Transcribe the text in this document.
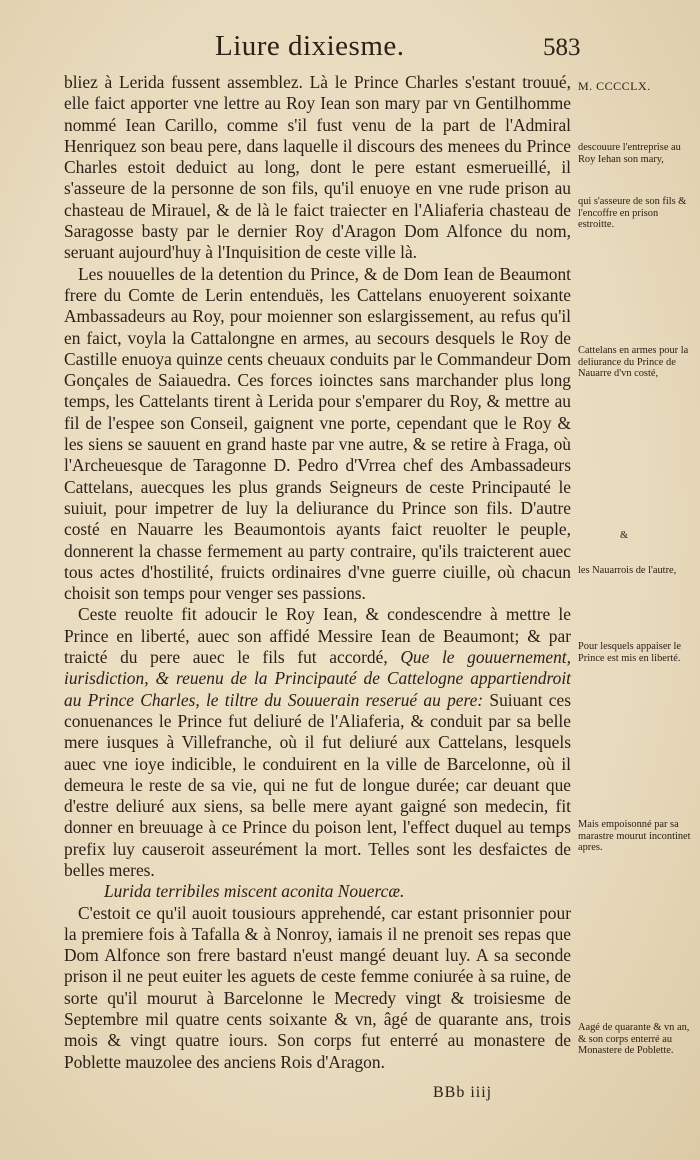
Liure dixiesme.	583

bliez à Lerida fussent assemblez. Là le Prince Charles s'estant trouué, elle faict apporter vne lettre au Roy Iean son mary par vn Gentilhomme nommé Iean Carillo, comme s'il fust venu de la part de l'Admiral Henriquez son beau pere, dans laquelle il discours des menees du Prince Charles estoit deduict au long, dont le pere estant esmerueillé, il s'asseure de la personne de son fils, qu'il enuoye en vne rude prison au chasteau de Mirauel, & de là le faict traiecter en l'Aliaferia chasteau de Saragosse basty par le dernier Roy d'Aragon Dom Alfonce du nom, seruant aujourd'huy à l'Inquisition de ceste ville là.

Les nouuelles de la detention du Prince, & de Dom Iean de Beaumont frere du Comte de Lerin entenduës, les Cattelans enuoyerent soixante Ambassadeurs au Roy, pour moienner son eslargissement, au refus qu'il en faict, voyla la Cattalongne en armes, au secours desquels le Roy de Castille enuoya quinze cents cheuaux conduits par le Commandeur Dom Gonçales de Saiauedra. Ces forces ioinctes sans marchander plus long temps, les Cattelants tirent à Lerida pour s'emparer du Roy, & mettre au fil de l'espee son Conseil, gaignent vne porte, cependant que le Roy & les siens se sauuent en grand haste par vne autre, & se retire à Fraga, où l'Archeuesque de Taragonne D. Pedro d'Vrrea chef des Ambassadeurs Cattelans, auecques les plus grands Seigneurs de ceste Principauté le suiuit, pour impetrer de luy la deliurance du Prince son fils. D'autre costé en Nauarre les Beaumontois ayants faict reuolter le peuple, donnerent la chasse fermement au party contraire, qu'ils traicterent auec tous actes d'hostilité, fruicts ordinaires d'vne guerre ciuille, où chacun choisit son temps pour venger ses passions.

Ceste reuolte fit adoucir le Roy Iean, & condescendre à mettre le Prince en liberté, auec son affidé Messire Iean de Beaumont; & par traicté du pere auec le fils fut accordé, Que le gouuernement, iurisdiction, & reuenu de la Principauté de Cattelogne appartiendroit au Prince Charles, le tiltre du Souuerain reserué au pere: Suiuant ces conuenances le Prince fut deliuré de l'Aliaferia, & conduit par sa belle mere iusques à Villefranche, où il fut deliuré aux Cattelans, lesquels auec vne ioye indicible, le conduirent en la ville de Barcelonne, où il demeura le reste de sa vie, qui ne fut de longue durée; car deuant que d'estre deliuré aux siens, sa belle mere ayant gaigné son medecin, fit donner en breuuage à ce Prince du poison lent, l'effect duquel au temps prefix luy causeroit asseurément la mort. Telles sont les desfaictes de belles meres.

Lurida terribiles miscent aconita Nouercæ.

C'estoit ce qu'il auoit tousiours apprehendé, car estant prisonnier pour la premiere fois à Tafalla & à Nonroy, iamais il ne prenoit ses repas que Dom Alfonce son frere bastard n'eust mangé deuant luy. A sa seconde prison il ne peut euiter les aguets de ceste femme coniurée à sa ruine, de sorte qu'il mourut à Barcelonne le Mecredy vingt & troisiesme de Septembre mil quatre cents soixante & vn, âgé de quarante ans, trois mois & vingt quatre iours. Son corps fut enterré au monastere de Poblette mauzolee des anciens Rois d'Aragon.

M. CCCCLX.
descouure l'entreprise au Roy Iehan son mary,
qui s'asseure de son fils & l'encoffre en prison estroitte.
Cattelans en armes pour la deliurance du Prince de Nauarre d'vn costé,
&
les Nauarrois de l'autre,
Pour lesquels appaiser le Prince est mis en liberté.
Mais empoisonné par sa marastre mourut incontinet apres.
Aagé de quarante & vn an, & son corps enterré au Monastere de Poblette.
BBb iiij
